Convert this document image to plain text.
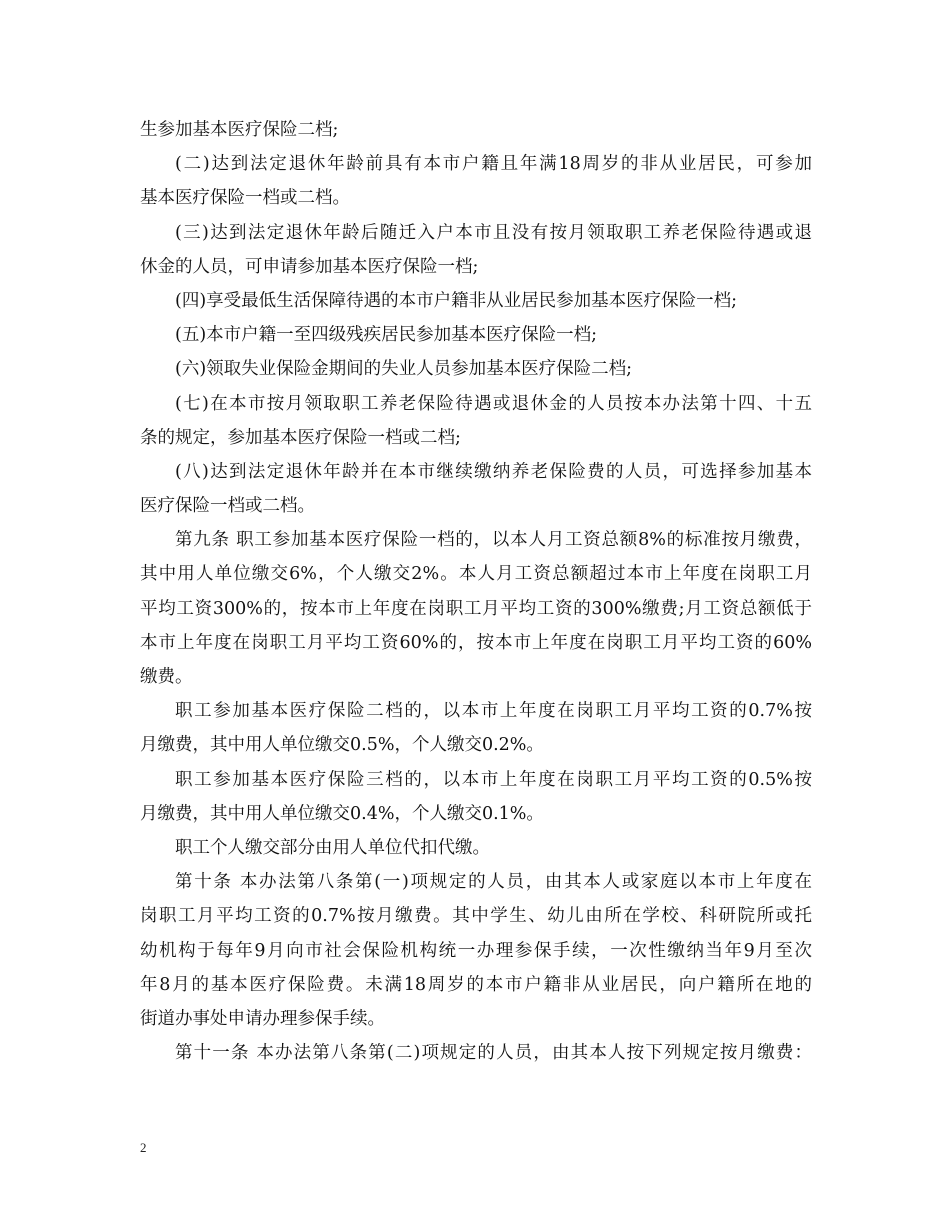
生参加基本医疗保险二档;
(二)达到法定退休年龄前具有本市户籍且年满18周岁的非从业居民，可参加
基本医疗保险一档或二档。
(三)达到法定退休年龄后随迁入户本市且没有按月领取职工养老保险待遇或退
休金的人员，可申请参加基本医疗保险一档;
(四)享受最低生活保障待遇的本市户籍非从业居民参加基本医疗保险一档;
(五)本市户籍一至四级残疾居民参加基本医疗保险一档;
(六)领取失业保险金期间的失业人员参加基本医疗保险二档;
(七)在本市按月领取职工养老保险待遇或退休金的人员按本办法第十四、十五
条的规定，参加基本医疗保险一档或二档;
(八)达到法定退休年龄并在本市继续缴纳养老保险费的人员，可选择参加基本
医疗保险一档或二档。
第九条 职工参加基本医疗保险一档的，以本人月工资总额8%的标准按月缴费，
其中用人单位缴交6%，个人缴交2%。本人月工资总额超过本市上年度在岗职工月
平均工资300%的，按本市上年度在岗职工月平均工资的300%缴费;月工资总额低于
本市上年度在岗职工月平均工资60%的，按本市上年度在岗职工月平均工资的60%
缴费。
职工参加基本医疗保险二档的，以本市上年度在岗职工月平均工资的0.7%按
月缴费，其中用人单位缴交0.5%，个人缴交0.2%。
职工参加基本医疗保险三档的，以本市上年度在岗职工月平均工资的0.5%按
月缴费，其中用人单位缴交0.4%，个人缴交0.1%。
职工个人缴交部分由用人单位代扣代缴。
第十条 本办法第八条第(一)项规定的人员，由其本人或家庭以本市上年度在
岗职工月平均工资的0.7%按月缴费。其中学生、幼儿由所在学校、科研院所或托
幼机构于每年9月向市社会保险机构统一办理参保手续，一次性缴纳当年9月至次
年8月的基本医疗保险费。未满18周岁的本市户籍非从业居民，向户籍所在地的
街道办事处申请办理参保手续。
第十一条 本办法第八条第(二)项规定的人员，由其本人按下列规定按月缴费：
2
